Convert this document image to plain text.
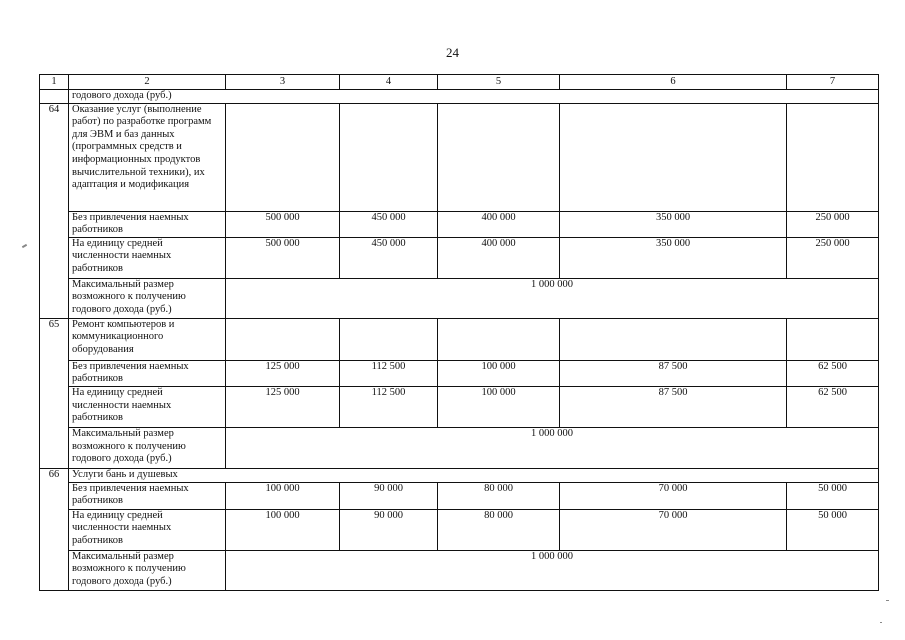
24
1	2	3	4	5	6	7
	годового дохода (руб.)					
64	Оказание услуг (выполнение работ) по разработке программ для ЭВМ и баз данных (программных средств и информационных продуктов вычислительной техники), их адаптация и модификация					
	Без привлечения наемных работников	500 000	450 000	400 000	350 000	250 000
	На единицу средней численности наемных работников	500 000	450 000	400 000	350 000	250 000
	Максимальный размер возможного к получению годового дохода (руб.)	1 000 000				
65	Ремонт компьютеров и коммуникационного оборудования					
	Без привлечения наемных работников	125 000	112 500	100 000	87 500	62 500
	На единицу средней численности наемных работников	125 000	112 500	100 000	87 500	62 500
	Максимальный размер возможного к получению годового дохода (руб.)	1 000 000				
66	Услуги бань и душевых					
	Без привлечения наемных работников	100 000	90 000	80 000	70 000	50 000
	На единицу средней численности наемных работников	100 000	90 000	80 000	70 000	50 000
	Максимальный размер возможного к получению годового дохода (руб.)	1 000 000				
